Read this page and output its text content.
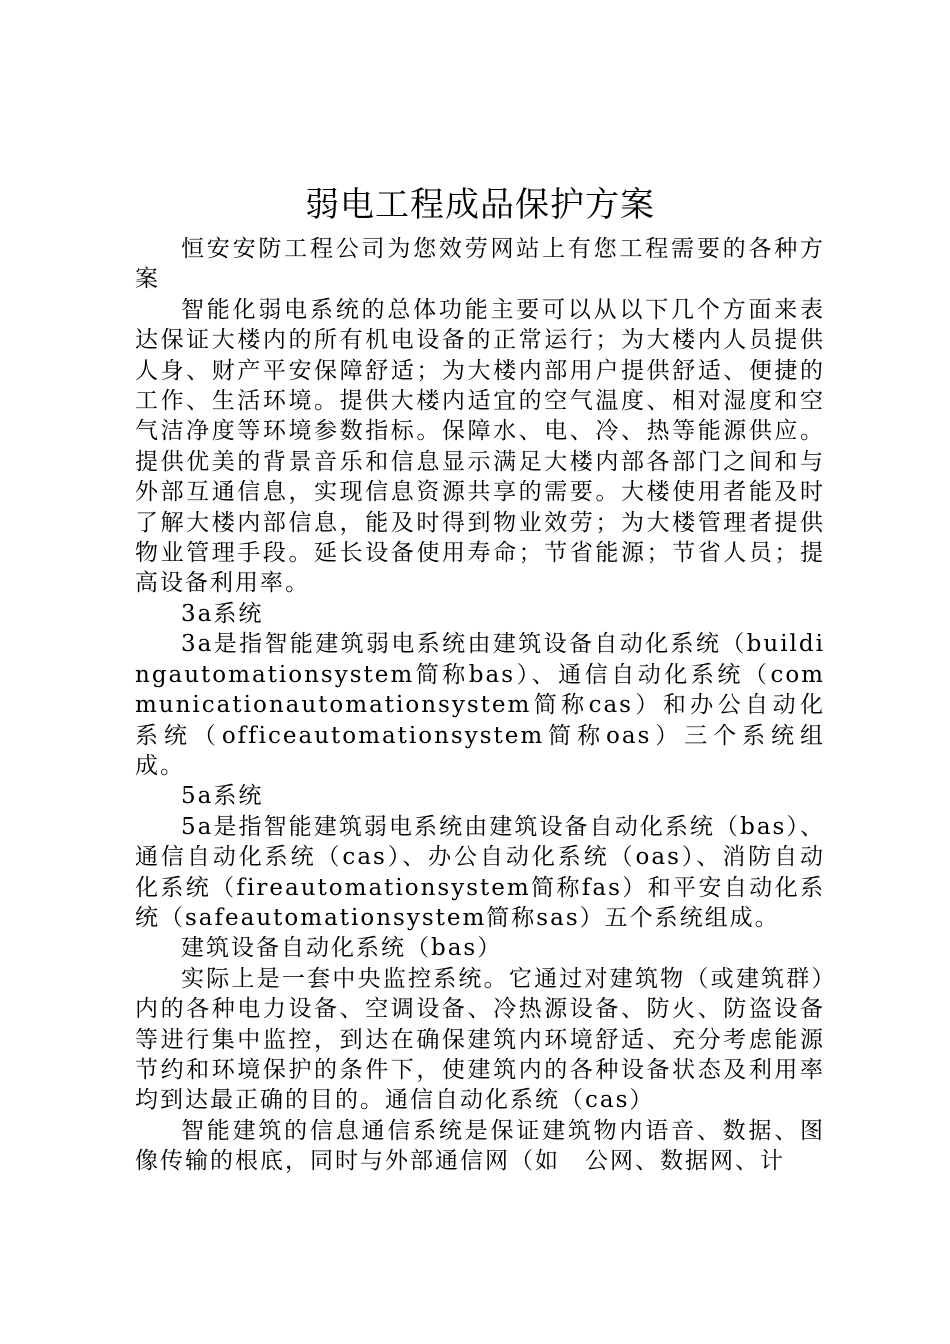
弱电工程成品保护方案

恒安安防工程公司为您效劳网站上有您工程需要的各种方案

智能化弱电系统的总体功能主要可以从以下几个方面来表达保证大楼内的所有机电设备的正常运行；为大楼内人员提供人身、财产平安保障舒适；为大楼内部用户提供舒适、便捷的工作、生活环境。提供大楼内适宜的空气温度、相对湿度和空气洁净度等环境参数指标。保障水、电、冷、热等能源供应。提供优美的背景音乐和信息显示满足大楼内部各部门之间和与外部互通信息，实现信息资源共享的需要。大楼使用者能及时了解大楼内部信息，能及时得到物业效劳；为大楼管理者提供物业管理手段。延长设备使用寿命；节省能源；节省人员；提高设备利用率。

3a系统

3a是指智能建筑弱电系统由建筑设备自动化系统（buildingautomationsystem简称bas）、通信自动化系统（communicationautomationsystem简称cas）和办公自动化系统（officeautomationsystem简称oas）三个系统组成。

5a系统

5a是指智能建筑弱电系统由建筑设备自动化系统（bas）、通信自动化系统（cas）、办公自动化系统（oas）、消防自动化系统（fireautomationsystem简称fas）和平安自动化系统（safeautomationsystem简称sas）五个系统组成。

建筑设备自动化系统（bas）

实际上是一套中央监控系统。它通过对建筑物（或建筑群）内的各种电力设备、空调设备、冷热源设备、防火、防盗设备等进行集中监控，到达在确保建筑内环境舒适、充分考虑能源节约和环境保护的条件下，使建筑内的各种设备状态及利用率均到达最正确的目的。通信自动化系统（cas）

智能建筑的信息通信系统是保证建筑物内语音、数据、图像传输的根底，同时与外部通信网（如　公网、数据网、计
